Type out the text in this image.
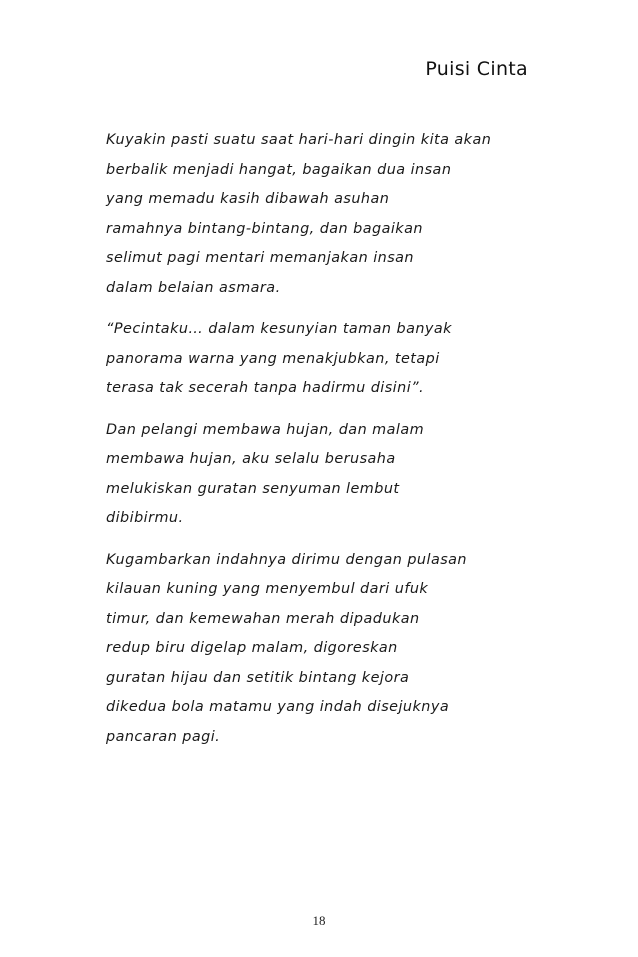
Puisi Cinta

Kuyakin pasti suatu saat hari-hari dingin kita akan
berbalik menjadi hangat, bagaikan dua insan
yang memadu kasih dibawah asuhan
ramahnya bintang-bintang, dan bagaikan
selimut pagi mentari memanjakan insan
dalam belaian asmara.

“Pecintaku… dalam kesunyian taman banyak
panorama warna yang menakjubkan, tetapi
terasa tak secerah tanpa hadirmu disini”.

Dan pelangi membawa hujan, dan malam
membawa hujan, aku selalu berusaha
melukiskan guratan senyuman lembut
dibibirmu.

Kugambarkan indahnya dirimu dengan pulasan
kilauan kuning yang menyembul dari ufuk
timur, dan kemewahan merah dipadukan
redup biru digelap malam, digoreskan
guratan hijau dan setitik bintang kejora
dikedua bola matamu yang indah disejuknya
pancaran pagi.

18
